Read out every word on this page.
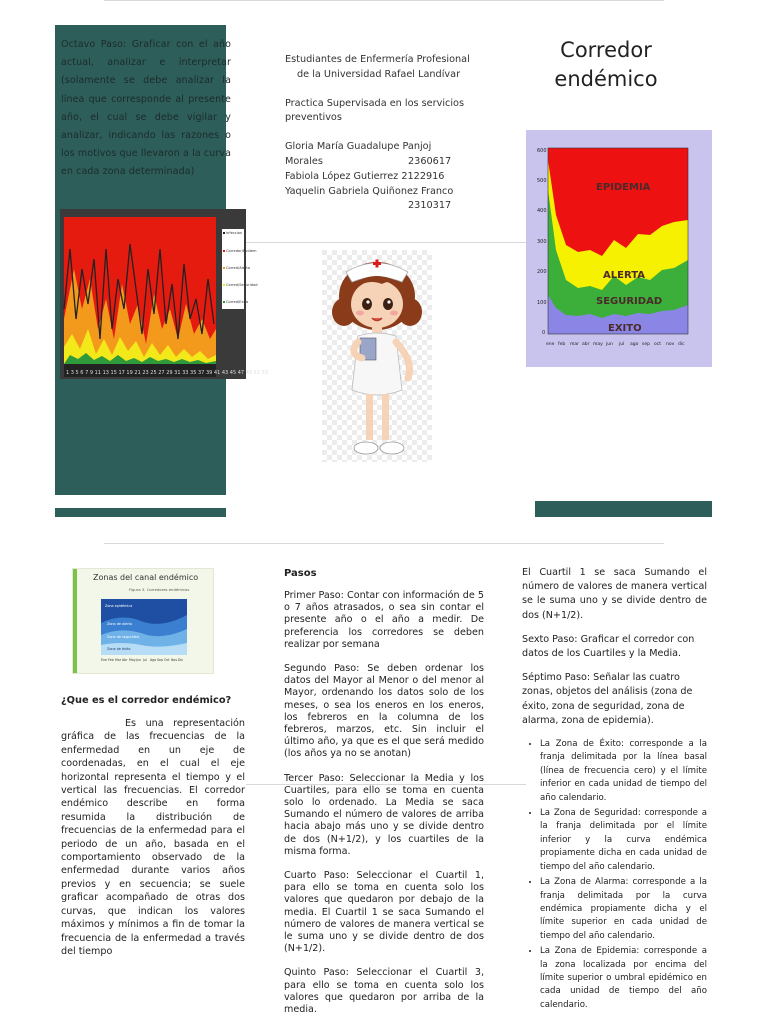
Octavo Paso: Graficar con el año actual, analizar e interpretar (solamente se debe analizar la línea que corresponde al presente año, el cual se debe vigilar y analizar, indicando las razones o los motivos que llevaron a la curva en cada zona determinada)

1 3 5 6 7 9 11 13 15 17 19 21 23 25 27 29 31 33 35 37 39 41 43 45 47 49 51 53
Infeccion
Corredor/Epidem
Corred/Alerta
Corred/Seguridad
Corred/Exito
Estudiantes de Enfermería Profesional
de la Universidad Rafael Landívar
Practica Supervisada en los servicios
preventivos
Gloria María Guadalupe Panjoj
Morales	2360617
Fabiola López Gutierrez 2122916
Yaquelin Gabriela Quiñonez Franco
2310317
Corredor
endémico
EPIDEMIA
ALERTA
SEGURIDAD
EXITO
600
500
400
300
200
100
0
ene feb mar abr may jun jul ago sep oct nov dic
Zonas del canal endémico
Figura 3. Corredores endémicos
Zona epidémica
Zona de alerta
Zona de seguridad
Zona de éxito
Ene Feb Mar Abr May Jun Jul Ago Sep Oct Nov Dic
¿Que es el corredor endémico?

Es una representación gráfica de las frecuencias de la enfermedad en un eje de coordenadas, en el cual el eje horizontal representa el tiempo y el vertical las frecuencias. El corredor endémico describe en forma resumida la distribución de frecuencias de la enfermedad para el periodo de un año, basada en el comportamiento observado de la enfermedad durante varios años previos y en secuencia; se suele graficar acompañado de otras dos curvas, que indican los valores máximos y mínimos a fin de tomar la frecuencia de la enfermedad a través del tiempo

Pasos

Primer Paso: Contar con información de 5 o 7 años atrasados, o sea sin contar el presente año o el año a medir. De preferencia los corredores se deben realizar por semana

Segundo Paso: Se deben ordenar los datos del Mayor al Menor o del menor al Mayor, ordenando los datos solo de los meses, o sea los eneros en los eneros, los febreros en la columna de los febreros, marzos, etc. Sin incluir el último año, ya que es el que será medido (los años ya no se anotan)

Tercer Paso: Seleccionar la Media y los Cuartiles, para ello se toma en cuenta solo lo ordenado. La Media se saca Sumando el número de valores de arriba hacia abajo más uno y se divide dentro de dos (N+1/2), y los cuartiles de la misma forma.

Cuarto Paso: Seleccionar el Cuartil 1, para ello se toma en cuenta solo los valores que quedaron por debajo de la media. El Cuartil 1 se saca Sumando el número de valores de manera vertical se le suma uno y se divide dentro de dos (N+1/2).

Quinto Paso: Seleccionar el Cuartil 3, para ello se toma en cuenta solo los valores que quedaron por arriba de la media.

El Cuartil 1 se saca Sumando el número de valores de manera vertical se le suma uno y se divide dentro de dos (N+1/2).

Sexto Paso: Graficar el corredor con datos de los Cuartiles y la Media.

Séptimo Paso: Señalar las cuatro zonas, objetos del análisis (zona de éxito, zona de seguridad, zona de alarma, zona de epidemia).

• La Zona de Éxito: corresponde a la franja delimitada por la línea basal (línea de frecuencia cero) y el límite inferior en cada unidad de tiempo del año calendario.
• La Zona de Seguridad: corresponde a la franja delimitada por el límite inferior y la curva endémica propiamente dicha en cada unidad de tiempo del año calendario.
• La Zona de Alarma: corresponde a la franja delimitada por la curva endémica propiamente dicha y el límite superior en cada unidad de tiempo del año calendario.
• La Zona de Epidemia: corresponde a la zona localizada por encima del límite superior o umbral epidémico en cada unidad de tiempo del año calendario.
